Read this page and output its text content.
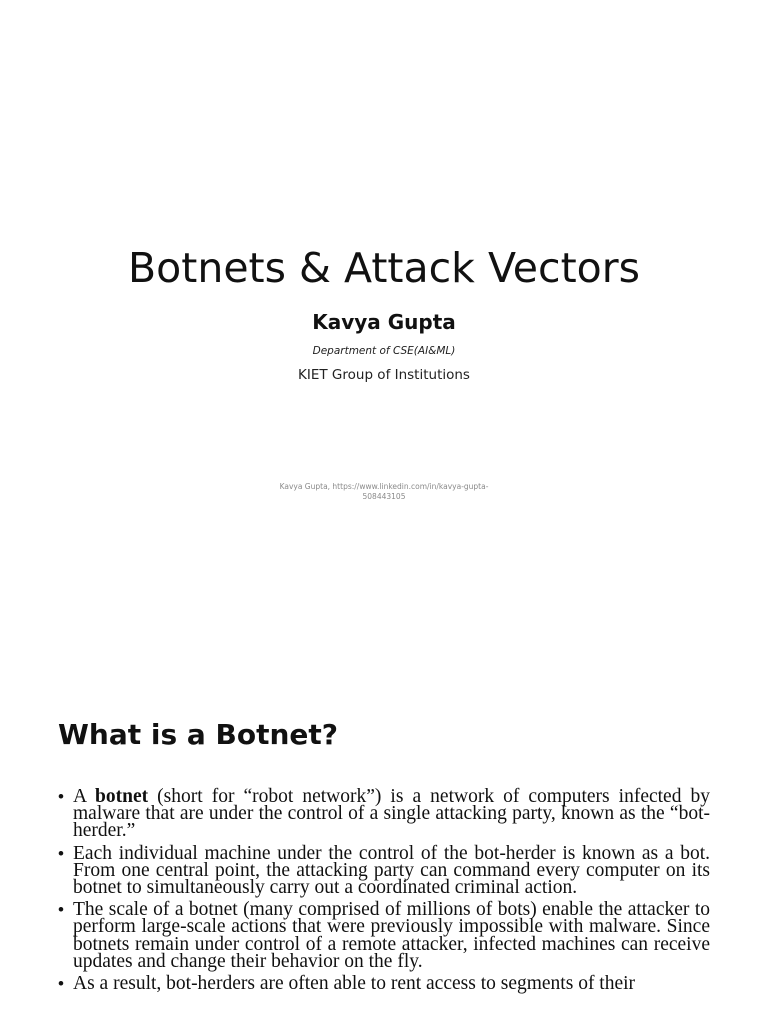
Botnets & Attack Vectors
Kavya Gupta
Department of CSE(AI&ML)
KIET Group of Institutions
Kavya Gupta, https://www.linkedin.com/in/kavya-gupta-
508443105
What is a Botnet?
• A botnet (short for “robot network”) is a network of computers infected by malware that are under the control of a single attacking party, known as the “bot-herder.”
• Each individual machine under the control of the bot-herder is known as a bot. From one central point, the attacking party can command every computer on its botnet to simultaneously carry out a coordinated criminal action.
• The scale of a botnet (many comprised of millions of bots) enable the attacker to perform large-scale actions that were previously impossible with malware. Since botnets remain under control of a remote attacker, infected machines can receive updates and change their behavior on the fly.
• As a result, bot-herders are often able to rent access to segments of their
